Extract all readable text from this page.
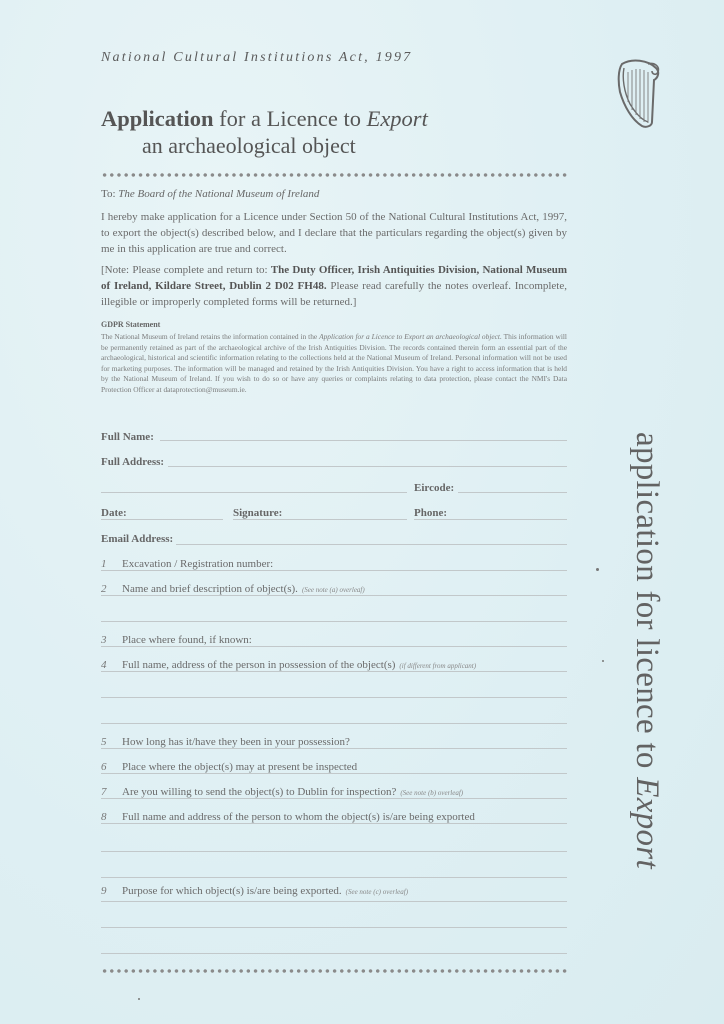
National Cultural Institutions Act, 1997
Application for a Licence to Export
an archaeological object
To: The Board of the National Museum of Ireland
I hereby make application for a Licence under Section 50 of the National Cultural Institutions Act, 1997, to export the object(s) described below, and I declare that the particulars regarding the object(s) given by me in this application are true and correct.
[Note: Please complete and return to: The Duty Officer, Irish Antiquities Division, National Museum of Ireland, Kildare Street, Dublin 2 D02 FH48. Please read carefully the notes overleaf. Incomplete, illegible or improperly completed forms will be returned.]
GDPR Statement
The National Museum of Ireland retains the information contained in the Application for a Licence to Export an archaeological object. This information will be permanently retained as part of the archaeological archive of the Irish Antiquities Division. The records contained therein form an essential part of the archaeological, historical and scientific information relating to the collections held at the National Museum of Ireland. Personal information will not be used for marketing purposes. The information will be managed and retained by the Irish Antiquities Division. You have a right to access information that is held by the National Museum of Ireland. If you wish to do so or have any queries or complaints relating to data protection, please contact the NMI's Data Protection Officer at dataprotection@museum.ie.
Full Name:
Full Address:
Eircode:
Date:	Signature:	Phone:
Email Address:
1 Excavation / Registration number:
2 Name and brief description of object(s). (See note (a) overleaf)
3 Place where found, if known:
4 Full name, address of the person in possession of the object(s) (if different from applicant)
5 How long has it/have they been in your possession?
6 Place where the object(s) may at present be inspected
7 Are you willing to send the object(s) to Dublin for inspection? (See note (b) overleaf)
8 Full name and address of the person to whom the object(s) is/are being exported
9 Purpose for which object(s) is/are being exported. (See note (c) overleaf)
application for licence to Export
